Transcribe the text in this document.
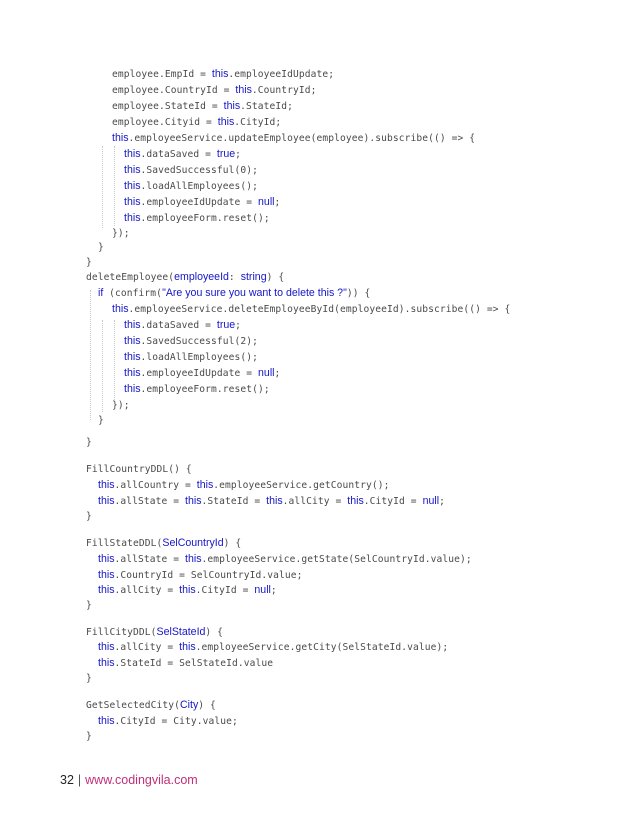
employee.EmpId = this.employeeIdUpdate;
employee.CountryId = this.CountryId;
employee.StateId = this.StateId;
employee.Cityid = this.CityId;
this.employeeService.updateEmployee(employee).subscribe(() => {
this.dataSaved = true;
this.SavedSuccessful(0);
this.loadAllEmployees();
this.employeeIdUpdate = null;
this.employeeForm.reset();
});
}
}
deleteEmployee(employeeId: string) {
if (confirm("Are you sure you want to delete this ?")) {
this.employeeService.deleteEmployeeById(employeeId).subscribe(() => {
this.dataSaved = true;
this.SavedSuccessful(2);
this.loadAllEmployees();
this.employeeIdUpdate = null;
this.employeeForm.reset();
});
}
}
FillCountryDDL() {
this.allCountry = this.employeeService.getCountry();
this.allState = this.StateId = this.allCity = this.CityId = null;
}
FillStateDDL(SelCountryId) {
this.allState = this.employeeService.getState(SelCountryId.value);
this.CountryId = SelCountryId.value;
this.allCity = this.CityId = null;
}
FillCityDDL(SelStateId) {
this.allCity = this.employeeService.getCity(SelStateId.value);
this.StateId = SelStateId.value
}
GetSelectedCity(City) {
this.CityId = City.value;
}
32 | www.codingvila.com
